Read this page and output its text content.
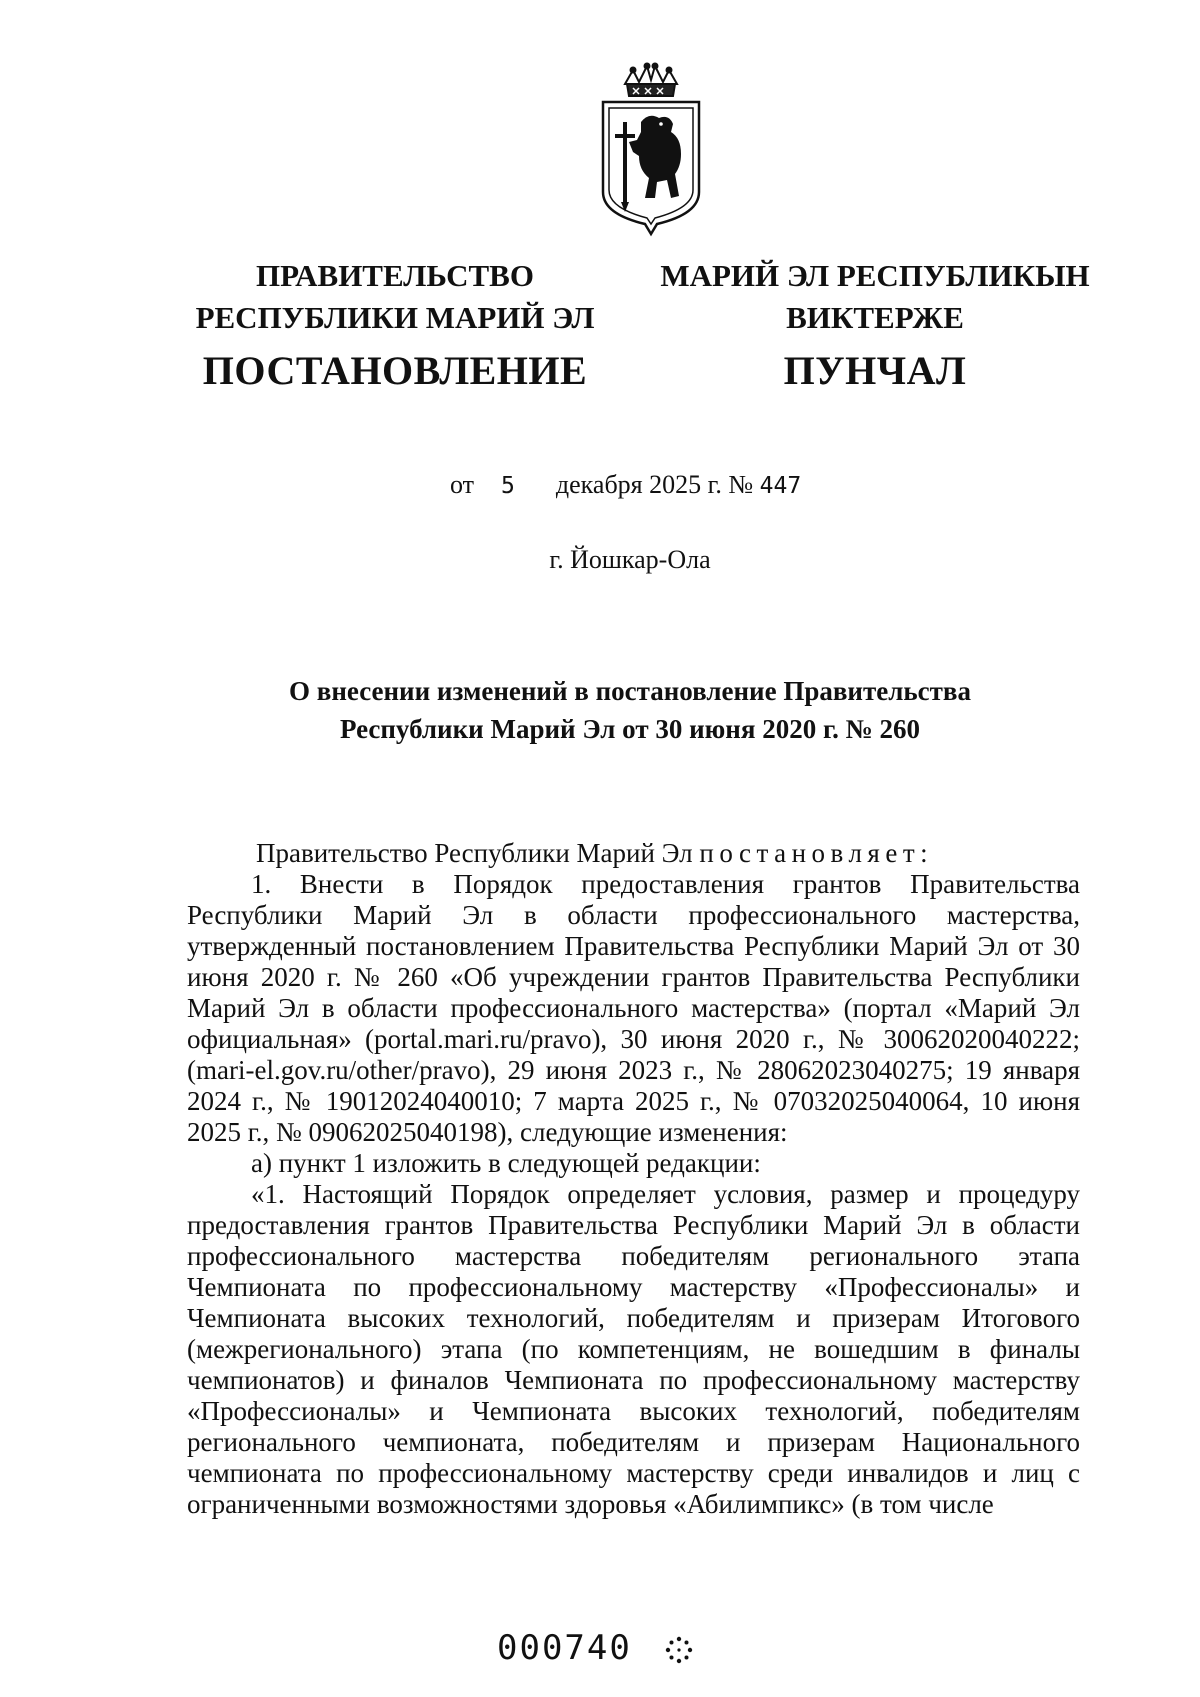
ПРАВИТЕЛЬСТВО
РЕСПУБЛИКИ МАРИЙ ЭЛ
ПОСТАНОВЛЕНИЕ
МАРИЙ ЭЛ РЕСПУБЛИКЫН
ВИКТЕРЖЕ
ПУНЧАЛ
от 5 декабря 2025 г. № 447
г. Йошкар-Ола
О внесении изменений в постановление Правительства
Республики Марий Эл от 30 июня 2020 г. № 260

Правительство Республики Марий Эл постановляет:

1. Внести в Порядок предоставления грантов Правительства Республики Марий Эл в области профессионального мастерства, утвержденный постановлением Правительства Республики Марий Эл от 30 июня 2020 г. № 260 «Об учреждении грантов Правительства Республики Марий Эл в области профессионального мастерства» (портал «Марий Эл официальная» (portal.mari.ru/pravo), 30 июня 2020 г., № 30062020040222; (mari-el.gov.ru/other/pravo), 29 июня 2023 г., № 28062023040275; 19 января 2024 г., № 19012024040010; 7 марта 2025 г., № 07032025040064, 10 июня 2025 г., № 09062025040198), следующие изменения:

а) пункт 1 изложить в следующей редакции:

«1. Настоящий Порядок определяет условия, размер и процедуру предоставления грантов Правительства Республики Марий Эл в области профессионального мастерства победителям регионального этапа Чемпионата по профессиональному мастерству «Профессионалы» и Чемпионата высоких технологий, победителям и призерам Итогового (межрегионального) этапа (по компетенциям, не вошедшим в финалы чемпионатов) и финалов Чемпионата по профессиональному мастерству «Профессионалы» и Чемпионата высоких технологий, победителям регионального чемпионата, победителям и призерам Национального чемпионата по профессиональному мастерству среди инвалидов и лиц с ограниченными возможностями здоровья «Абилимпикс» (в том числе

000740
